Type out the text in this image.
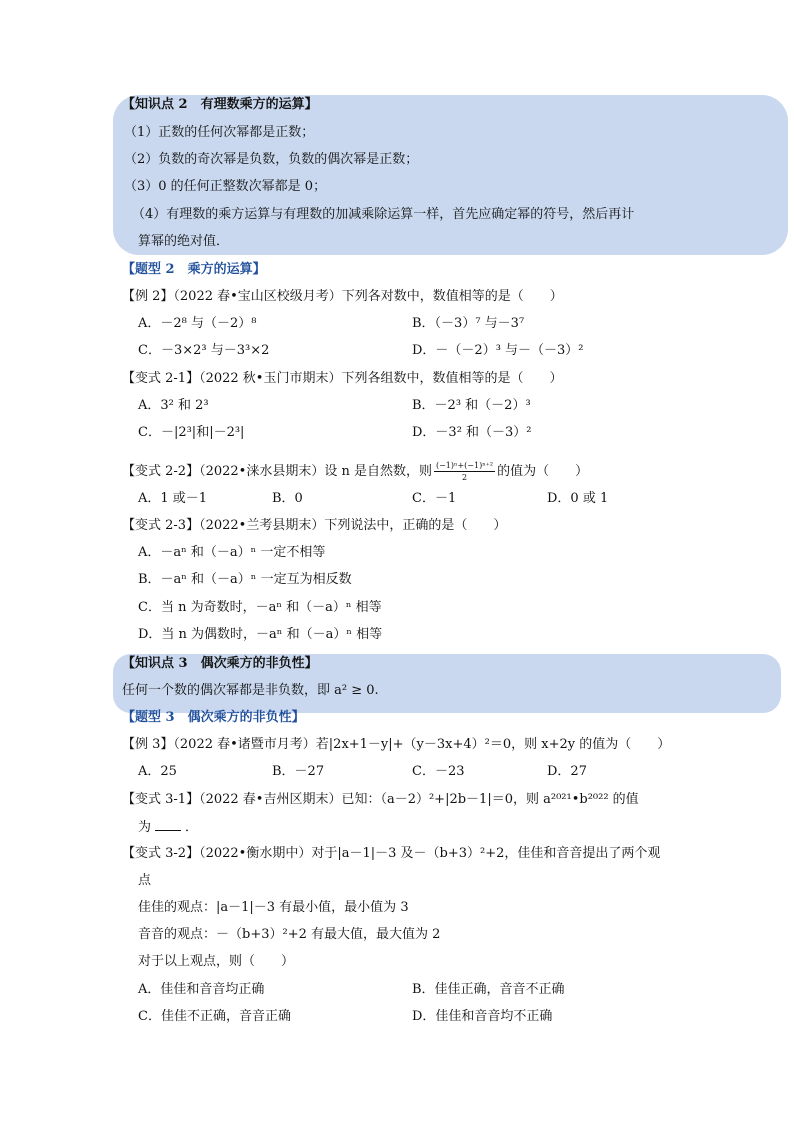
【知识点 2　有理数乘方的运算】
（1）正数的任何次幂都是正数；
（2）负数的奇次幂是负数，负数的偶次幂是正数；
（3）0 的任何正整数次幂都是 0；
（4）有理数的乘方运算与有理数的加减乘除运算一样，首先应确定幂的符号，然后再计
算幂的绝对值．
【题型 2　乘方的运算】
【例 2】（2022 春•宝山区校级月考）下列各对数中，数值相等的是（　　）
A．－2⁸ 与（－2）⁸	B．（－3）⁷ 与－3⁷
C．－3×2³ 与－3³×2	D．－（－2）³ 与－（－3）²
【变式 2-1】（2022 秋•玉门市期末）下列各组数中，数值相等的是（　　）
A．3² 和 2³	B．－2³ 和（－2）³
C．－|2³|和|－2³|	D．－3² 和（－3）²
【变式 2-2】（2022•涞水县期末）设 n 是自然数，则 $\frac{\text{(−1)ⁿ+(−1)ⁿ⁺²}}{2}$ 的值为（　　）
A．1 或－1	B．0	C．－1	D．0 或 1
【变式 2-3】（2022•兰考县期末）下列说法中，正确的是（　　）
A．－aⁿ 和（－a）ⁿ 一定不相等
B．－aⁿ 和（－a）ⁿ 一定互为相反数
C．当 n 为奇数时，－aⁿ 和（－a）ⁿ 相等
D．当 n 为偶数时，－aⁿ 和（－a）ⁿ 相等
【知识点 3　偶次乘方的非负性】
任何一个数的偶次幂都是非负数，即 a² ≥ 0.
【题型 3　偶次乘方的非负性】
【例 3】（2022 春•诸暨市月考）若|2x+1－y|+（y－3x+4）²＝0，则 x+2y 的值为（　　）
A．25	B．－27	C．－23	D．27
【变式 3-1】（2022 春•吉州区期末）已知：（a－2）²+|2b－1|＝0，则 a²⁰²¹•b²⁰²² 的值
为	．
【变式 3-2】（2022•衡水期中）对于|a－1|－3 及－（b+3）²+2，佳佳和音音提出了两个观
点
佳佳的观点：|a－1|－3 有最小值，最小值为 3
音音的观点：－（b+3）²+2 有最大值，最大值为 2
对于以上观点，则（　　）
A．佳佳和音音均正确	B．佳佳正确，音音不正确
C．佳佳不正确，音音正确	D．佳佳和音音均不正确
